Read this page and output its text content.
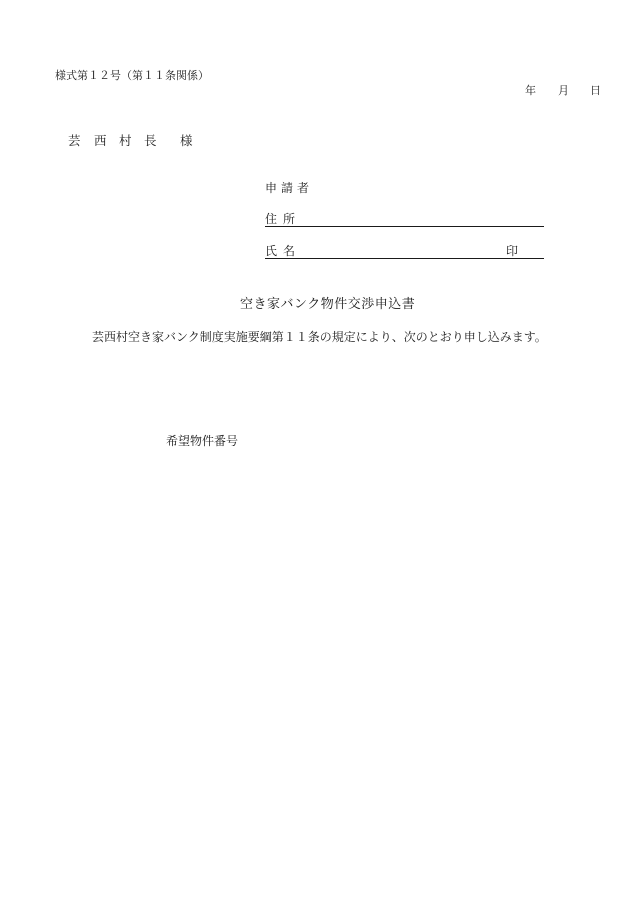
様式第１２号（第１１条関係）
年 月 日
芸 西 村 長 様
申請者
住所
氏名	印
空き家バンク物件交渉申込書
芸西村空き家バンク制度実施要綱第１１条の規定により、次のとおり申し込みます。
希望物件番号
